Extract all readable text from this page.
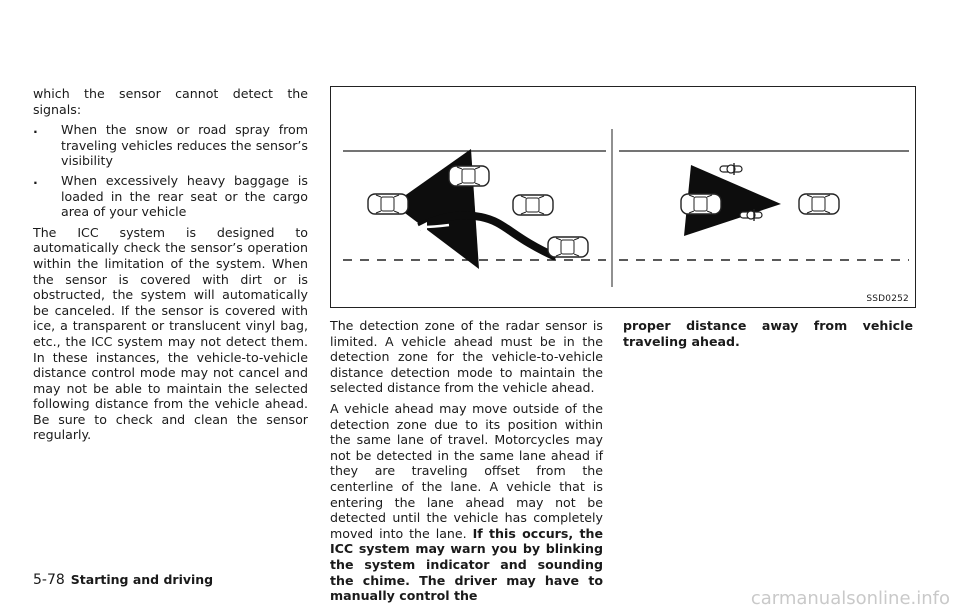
which the sensor cannot detect the signals:

. When the snow or road spray from traveling vehicles reduces the sensor’s visibility
. When excessively heavy baggage is loaded in the rear seat or the cargo area of your vehicle

The ICC system is designed to automatically check the sensor’s operation within the limitation of the system. When the sensor is covered with dirt or is obstructed, the system will automatically be canceled. If the sensor is covered with ice, a transparent or translucent vinyl bag, etc., the ICC system may not detect them. In these instances, the vehicle-to-vehicle distance control mode may not cancel and may not be able to maintain the selected following distance from the vehicle ahead. Be sure to check and clean the sensor regularly.

SSD0252

The detection zone of the radar sensor is limited. A vehicle ahead must be in the detection zone for the vehicle-to-vehicle distance detection mode to maintain the selected distance from the vehicle ahead.

A vehicle ahead may move outside of the detection zone due to its position within the same lane of travel. Motorcycles may not be detected in the same lane ahead if they are traveling offset from the centerline of the lane. A vehicle that is entering the lane ahead may not be detected until the vehicle has completely moved into the lane. If this occurs, the ICC system may warn you by blinking the system indicator and sounding the chime. The driver may have to manually control the

proper distance away from vehicle traveling ahead.

5-78 Starting and driving
carmanualsonline.info
